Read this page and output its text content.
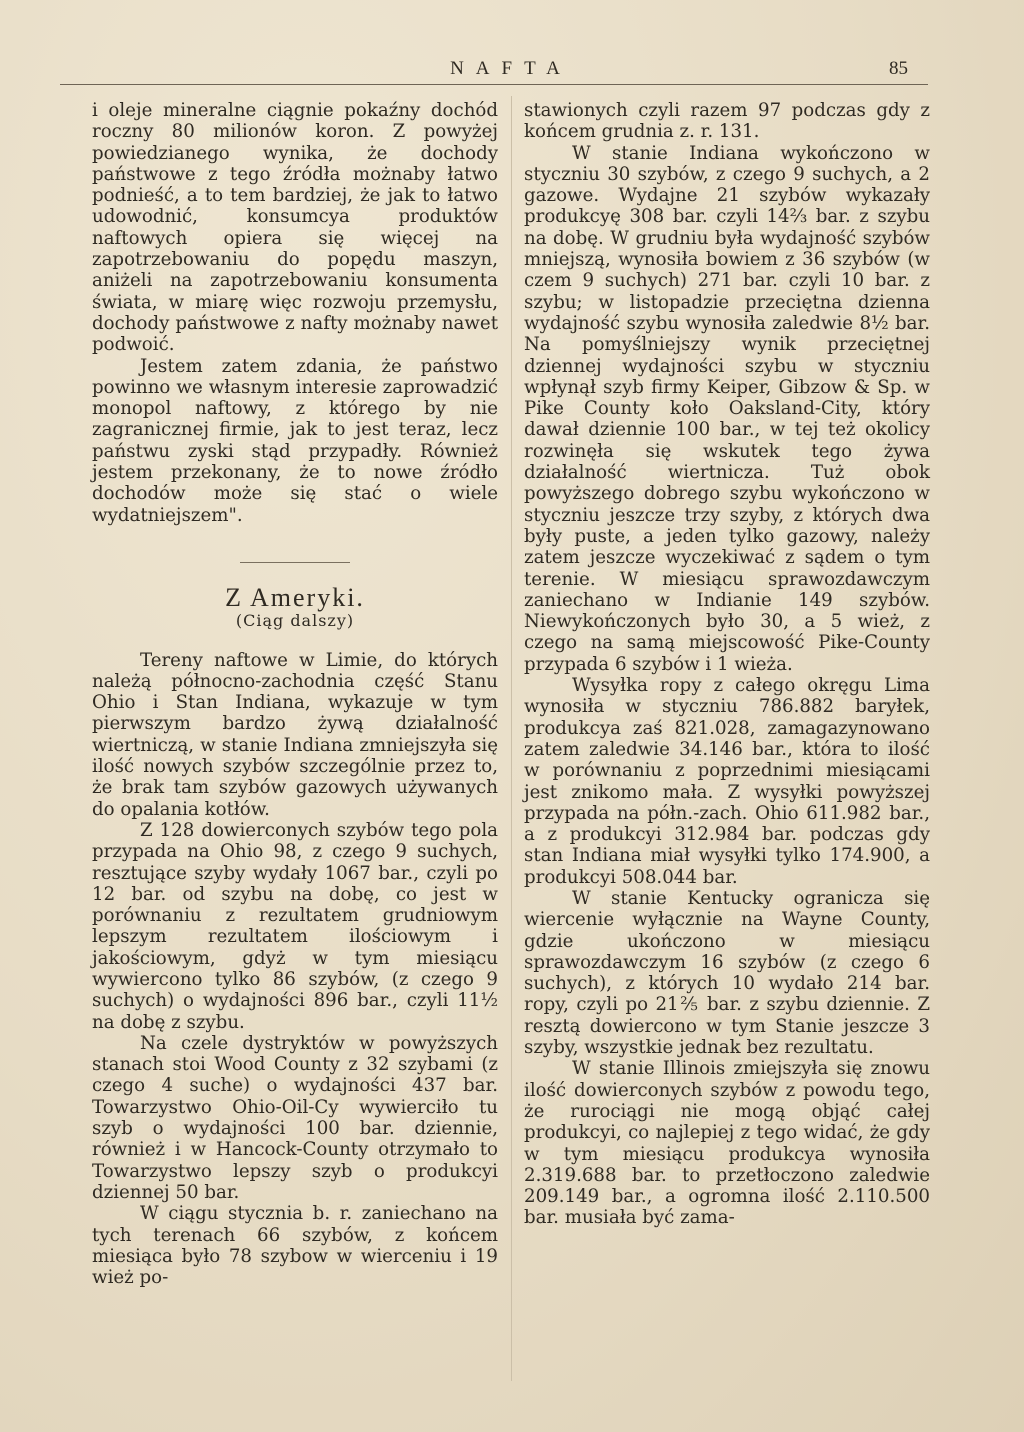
NAFTA	85

i oleje mineralne ciągnie pokaźny dochód roczny 80 milionów koron. Z powyżej powiedzianego wynika, że dochody państwowe z tego źródła możnaby łatwo podnieść, a to tem bardziej, że jak to łatwo udowodnić, konsumcya produktów naftowych opiera się więcej na zapotrzebowaniu do popędu maszyn, aniżeli na zapotrzebowaniu konsumenta świata, w miarę więc rozwoju przemysłu, dochody państwowe z nafty możnaby nawet podwoić.

Jestem zatem zdania, że państwo powinno we własnym interesie zaprowadzić monopol naftowy, z którego by nie zagranicznej firmie, jak to jest teraz, lecz państwu zyski stąd przypadły. Również jestem przekonany, że to nowe źródło dochodów może się stać o wiele wydatniejszem".

Z Ameryki.
(Ciąg dalszy)

Tereny naftowe w Limie, do których należą północno-zachodnia część Stanu Ohio i Stan Indiana, wykazuje w tym pierwszym bardzo żywą działalność wiertniczą, w stanie Indiana zmniejszyła się ilość nowych szybów szczególnie przez to, że brak tam szybów gazowych używanych do opalania kotłów.

Z 128 dowierconych szybów tego pola przypada na Ohio 98, z czego 9 suchych, resztujące szyby wydały 1067 bar., czyli po 12 bar. od szybu na dobę, co jest w porównaniu z rezultatem grudniowym lepszym rezultatem ilościowym i jakościowym, gdyż w tym miesiącu wywiercono tylko 86 szybów, (z czego 9 suchych) o wydajności 896 bar., czyli 11½ na dobę z szybu.

Na czele dystryktów w powyższych stanach stoi Wood County z 32 szybami (z czego 4 suche) o wydajności 437 bar. Towarzystwo Ohio-Oil-Cy wywierciło tu szyb o wydajności 100 bar. dziennie, również i w Hancock-County otrzymało to Towarzystwo lepszy szyb o produkcyi dziennej 50 bar.

W ciągu stycznia b. r. zaniechano na tych terenach 66 szybów, z końcem miesiąca było 78 szybow w wierceniu i 19 wież po-

stawionych czyli razem 97 podczas gdy z końcem grudnia z. r. 131.

W stanie Indiana wykończono w styczniu 30 szybów, z czego 9 suchych, a 2 gazowe. Wydajne 21 szybów wykazały produkcyę 308 bar. czyli 14⅔ bar. z szybu na dobę. W grudniu była wydajność szybów mniejszą, wynosiła bowiem z 36 szybów (w czem 9 suchych) 271 bar. czyli 10 bar. z szybu; w listopadzie przeciętna dzienna wydajność szybu wynosiła zaledwie 8½ bar. Na pomyślniejszy wynik przeciętnej dziennej wydajności szybu w styczniu wpłynął szyb firmy Keiper, Gibzow & Sp. w Pike County koło Oaksland-City, który dawał dziennie 100 bar., w tej też okolicy rozwinęła się wskutek tego żywa działalność wiertnicza. Tuż obok powyższego dobrego szybu wykończono w styczniu jeszcze trzy szyby, z których dwa były puste, a jeden tylko gazowy, należy zatem jeszcze wyczekiwać z sądem o tym terenie. W miesiącu sprawozdawczym zaniechano w Indianie 149 szybów. Niewykończonych było 30, a 5 wież, z czego na samą miejscowość Pike-County przypada 6 szybów i 1 wieża.

Wysyłka ropy z całego okręgu Lima wynosiła w styczniu 786.882 baryłek, produkcya zaś 821.028, zamagazynowano zatem zaledwie 34.146 bar., która to ilość w porównaniu z poprzednimi miesiącami jest znikomo mała. Z wysyłki powyższej przypada na półn.-zach. Ohio 611.982 bar., a z produkcyi 312.984 bar. podczas gdy stan Indiana miał wysyłki tylko 174.900, a produkcyi 508.044 bar.

W stanie Kentucky ogranicza się wiercenie wyłącznie na Wayne County, gdzie ukończono w miesiącu sprawozdawczym 16 szybów (z czego 6 suchych), z których 10 wydało 214 bar. ropy, czyli po 21⅖ bar. z szybu dziennie. Z resztą dowiercono w tym Stanie jeszcze 3 szyby, wszystkie jednak bez rezultatu.

W stanie Illinois zmiejszyła się znowu ilość dowierconych szybów z powodu tego, że rurociągi nie mogą objąć całej produkcyi, co najlepiej z tego widać, że gdy w tym miesiącu produkcya wynosiła 2.319.688 bar. to przetłoczono zaledwie 209.149 bar., a ogromna ilość 2.110.500 bar. musiała być zama-
